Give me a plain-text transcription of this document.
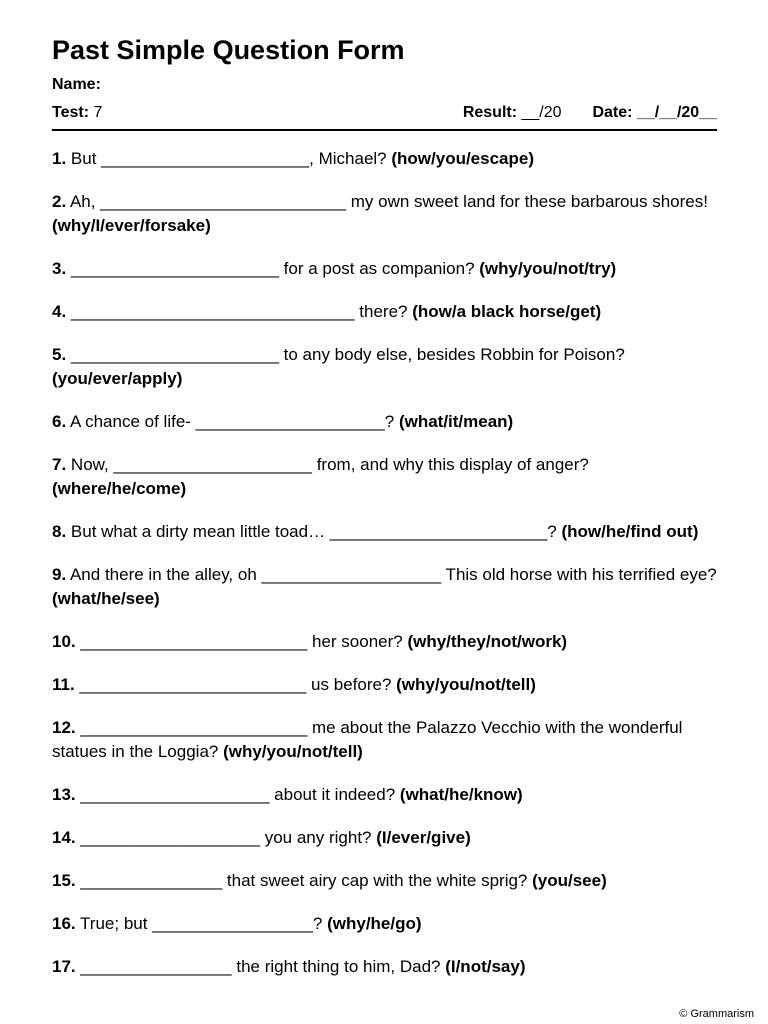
Past Simple Question Form
Name:
Test: 7	Result: __/20 Date: __/__/20__
1. But ______________________, Michael? (how/you/escape)
2. Ah, __________________________ my own sweet land for these barbarous shores! (why/I/ever/forsake)
3. ______________________ for a post as companion? (why/you/not/try)
4. ______________________________ there? (how/a black horse/get)
5. ______________________ to any body else, besides Robbin for Poison? (you/ever/apply)
6. A chance of life- ____________________? (what/it/mean)
7. Now, _____________________ from, and why this display of anger? (where/he/come)
8. But what a dirty mean little toad… _______________________? (how/he/find out)
9. And there in the alley, oh ___________________ This old horse with his terrified eye? (what/he/see)
10. ________________________ her sooner? (why/they/not/work)
11. ________________________ us before? (why/you/not/tell)
12. ________________________ me about the Palazzo Vecchio with the wonderful statues in the Loggia? (why/you/not/tell)
13. ____________________ about it indeed? (what/he/know)
14. ___________________ you any right? (I/ever/give)
15. _______________ that sweet airy cap with the white sprig? (you/see)
16. True; but _________________? (why/he/go)
17. ________________ the right thing to him, Dad? (I/not/say)
© Grammarism
